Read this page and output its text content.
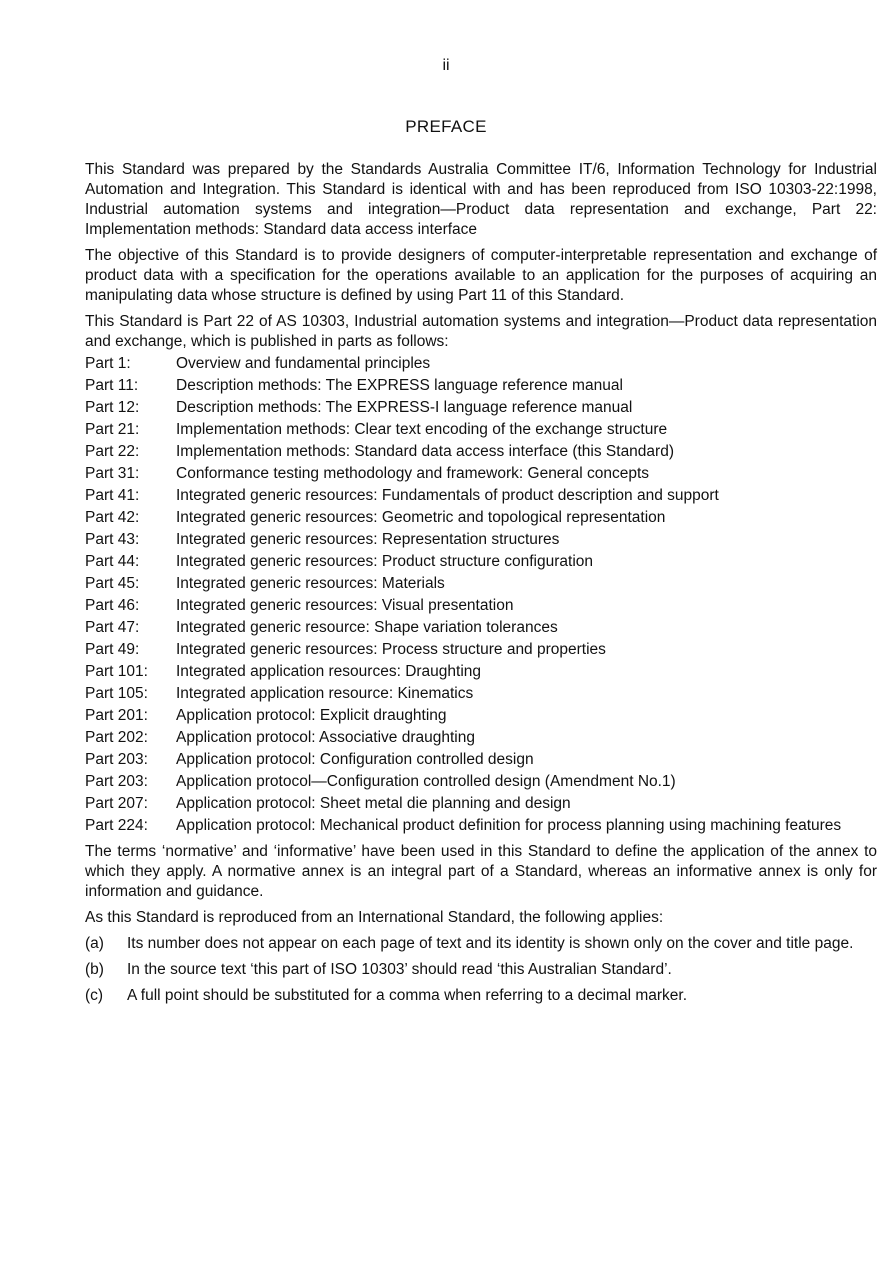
ii
PREFACE

This Standard was prepared by the Standards Australia Committee IT/6, Information Technology for Industrial Automation and Integration. This Standard is identical with and has been reproduced from ISO 10303-22:1998, Industrial automation systems and integration—Product data representation and exchange, Part 22: Implementation methods: Standard data access interface

The objective of this Standard is to provide designers of computer-interpretable representation and exchange of product data with a specification for the operations available to an application for the purposes of acquiring an manipulating data whose structure is defined by using Part 11 of this Standard.

This Standard is Part 22 of AS 10303, Industrial automation systems and integration—Product data representation and exchange, which is published in parts as follows:

Part 1:	Overview and fundamental principles
Part 11:	Description methods: The EXPRESS language reference manual
Part 12:	Description methods: The EXPRESS-I language reference manual
Part 21:	Implementation methods: Clear text encoding of the exchange structure
Part 22:	Implementation methods: Standard data access interface (this Standard)
Part 31:	Conformance testing methodology and framework: General concepts
Part 41:	Integrated generic resources: Fundamentals of product description and support
Part 42:	Integrated generic resources: Geometric and topological representation
Part 43:	Integrated generic resources: Representation structures
Part 44:	Integrated generic resources: Product structure configuration
Part 45:	Integrated generic resources: Materials
Part 46:	Integrated generic resources: Visual presentation
Part 47:	Integrated generic resource: Shape variation tolerances
Part 49:	Integrated generic resources: Process structure and properties
Part 101:	Integrated application resources: Draughting
Part 105:	Integrated application resource: Kinematics
Part 201:	Application protocol: Explicit draughting
Part 202:	Application protocol: Associative draughting
Part 203:	Application protocol: Configuration controlled design
Part 203:	Application protocol—Configuration controlled design (Amendment No.1)
Part 207:	Application protocol: Sheet metal die planning and design
Part 224:	Application protocol: Mechanical product definition for process planning using machining features

The terms ‘normative’ and ‘informative’ have been used in this Standard to define the application of the annex to which they apply. A normative annex is an integral part of a Standard, whereas an informative annex is only for information and guidance.

As this Standard is reproduced from an International Standard, the following applies:

(a)	Its number does not appear on each page of text and its identity is shown only on the cover and title page.
(b)	In the source text ‘this part of ISO 10303’ should read ‘this Australian Standard’.
(c)	A full point should be substituted for a comma when referring to a decimal marker.
